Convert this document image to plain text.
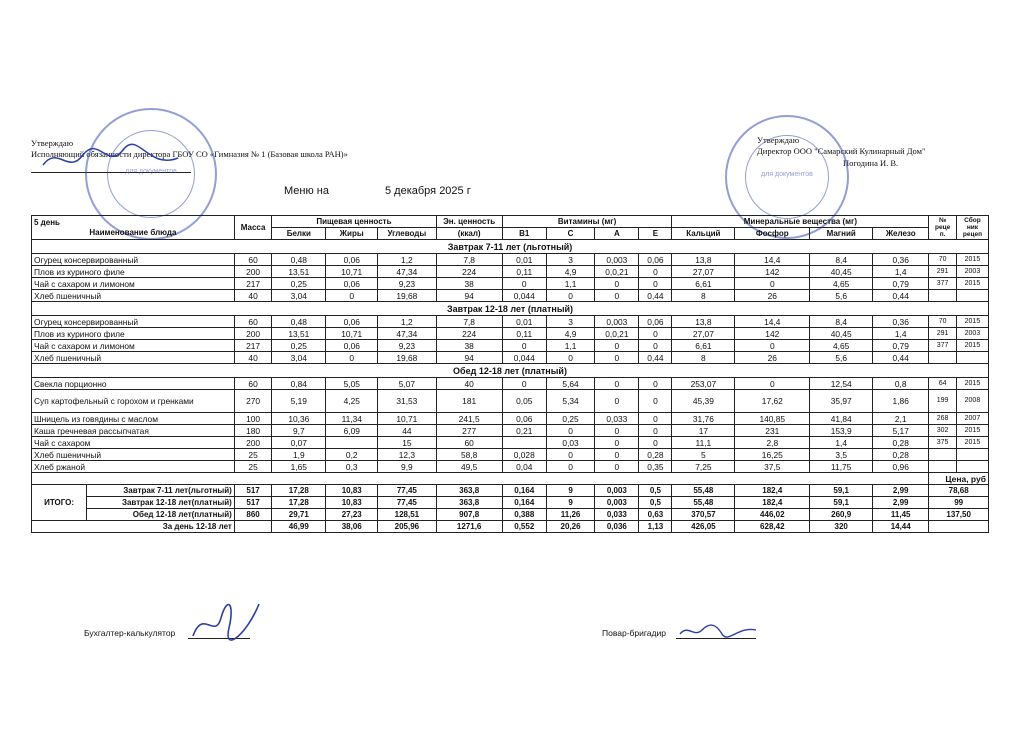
Утверждаю
Исполняющий обязанности директора ГБОУ СО «Гимназия № 1 (Базовая школа РАН)»
Утверждаю
Директор ООО "Самарский Кулинарный Дом"
Погодина И. В.
Меню на	5 декабря 2025 г
для документов	для документов
5 день
Наименование блюда		Масса	Пищевая ценность			Эн. ценность	Витамины (мг)				Минеральные вещества (мг)				№ реце п.	Сбор ник рецеп
			Белки	Жиры	Углеводы	(ккал)	В1	С	А	Е	Кальций	Фосфор	Магний	Железо		
Завтрак 7-11 лет (льготный)																
Огурец консервированный		60	0,48	0,06	1,2	7,8	0,01	3	0,003	0,06	13,8	14,4	8,4	0,36	70	2015
Плов из куриного филе		200	13,51	10,71	47,34	224	0,11	4,9	0,0,21	0	27,07	142	40,45	1,4	291	2003
Чай с сахаром и лимоном		217	0,25	0,06	9,23	38	0	1,1	0	0	6,61	0	4,65	0,79	377	2015
Хлеб пшеничный		40	3,04	0	19,68	94	0,044	0	0	0,44	8	26	5,6	0,44		
Завтрак 12-18 лет (платный)																
Огурец консервированный		60	0,48	0,06	1,2	7,8	0,01	3	0,003	0,06	13,8	14,4	8,4	0,36	70	2015
Плов из куриного филе		200	13,51	10,71	47,34	224	0,11	4,9	0,0,21	0	27,07	142	40,45	1,4	291	2003
Чай с сахаром и лимоном		217	0,25	0,06	9,23	38	0	1,1	0	0	6,61	0	4,65	0,79	377	2015
Хлеб пшеничный		40	3,04	0	19,68	94	0,044	0	0	0,44	8	26	5,6	0,44		
Обед 12-18 лет (платный)																
Свекла порционно		60	0,84	5,05	5,07	40	0	5,64	0	0	253,07	0	12,54	0,8	64	2015
Суп картофельный с горохом и гренками		270	5,19	4,25	31,53	181	0,05	5,34	0	0	45,39	17,62	35,97	1,86	199	2008
Шницель из говядины с маслом		100	10,36	11,34	10,71	241,5	0,06	0,25	0,033	0	31,76	140,85	41,84	2,1	268	2007
Каша гречневая рассыпчатая		180	9,7	6,09	44	277	0,21	0	0	0	17	231	153,9	5,17	302	2015
Чай с сахаром		200	0,07		15	60		0,03	0	0	11,1	2,8	1,4	0,28	375	2015
Хлеб пшеничный		25	1,9	0,2	12,3	58,8	0,028	0	0	0,28	5	16,25	3,5	0,28		
Хлеб ржаной		25	1,65	0,3	9,9	49,5	0,04	0	0	0,35	7,25	37,5	11,75	0,96		
															Цена, руб	
ИТОГО:	Завтрак 7-11 лет(льготный)	517	17,28	10,83	77,45	363,8	0,164	9	0,003	0,5	55,48	182,4	59,1	2,99	78,68	
	Завтрак 12-18 лет(платный)	517	17,28	10,83	77,45	363,8	0,164	9	0,003	0,5	55,48	182,4	59,1	2,99	99	
	Обед 12-18 лет(платный)	860	29,71	27,23	128,51	907,8	0,388	11,26	0,033	0,63	370,57	446,02	260,9	11,45	137,50	
За день 12-18 лет			46,99	38,06	205,96	1271,6	0,552	20,26	0,036	1,13	426,05	628,42	320	14,44		
Бухгалтер-калькулятор	Повар-бригадир
